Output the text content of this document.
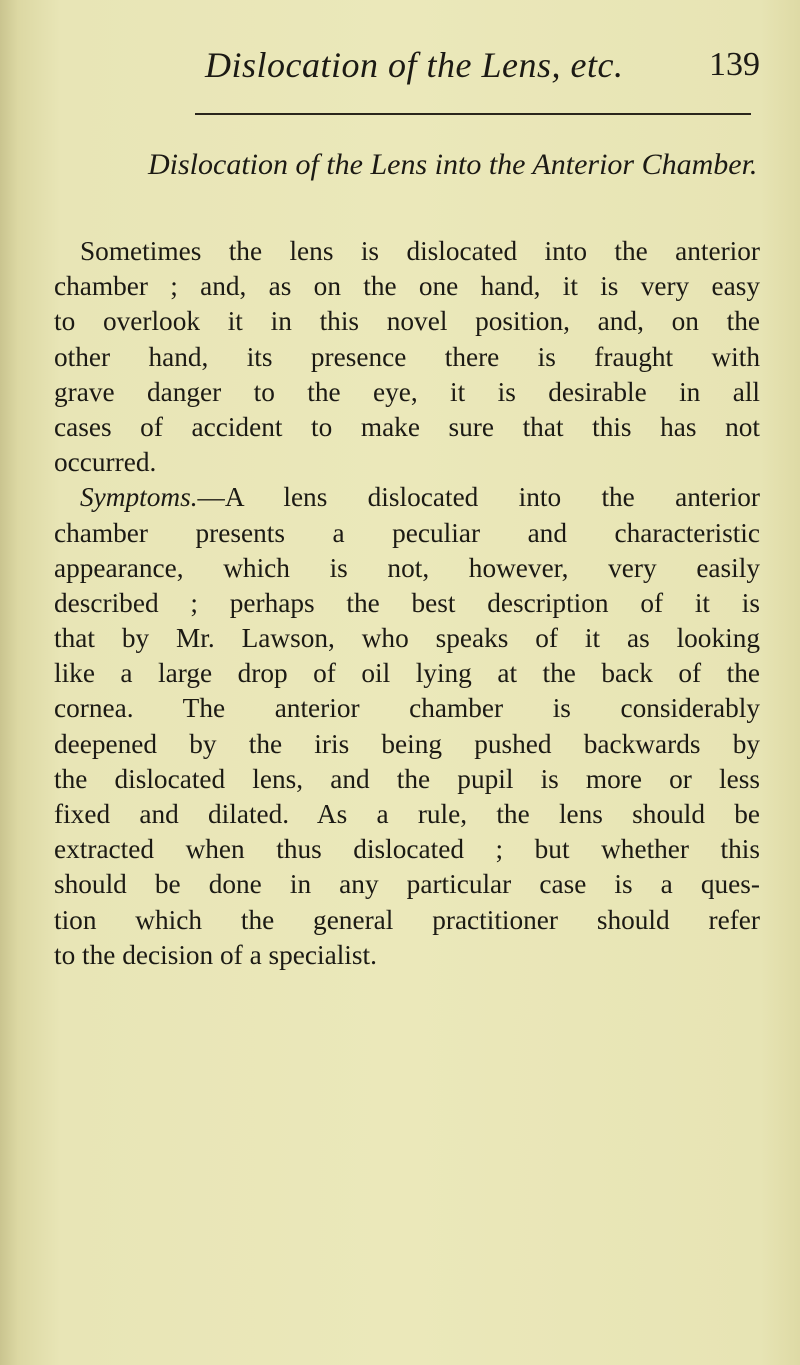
Dislocation of the Lens, etc.	139
Dislocation of the Lens into the Anterior Chamber.
Sometimes the lens is dislocated into the anterior
chamber ; and, as on the one hand, it is very easy
to overlook it in this novel position, and, on the
other hand, its presence there is fraught with
grave danger to the eye, it is desirable in all
cases of accident to make sure that this has not
occurred.
Symptoms.—A lens dislocated into the anterior
chamber presents a peculiar and characteristic
appearance, which is not, however, very easily
described ; perhaps the best description of it is
that by Mr. Lawson, who speaks of it as looking
like a large drop of oil lying at the back of the
cornea. The anterior chamber is considerably
deepened by the iris being pushed backwards by
the dislocated lens, and the pupil is more or less
fixed and dilated. As a rule, the lens should be
extracted when thus dislocated ; but whether this
should be done in any particular case is a ques-
tion which the general practitioner should refer
to the decision of a specialist.
